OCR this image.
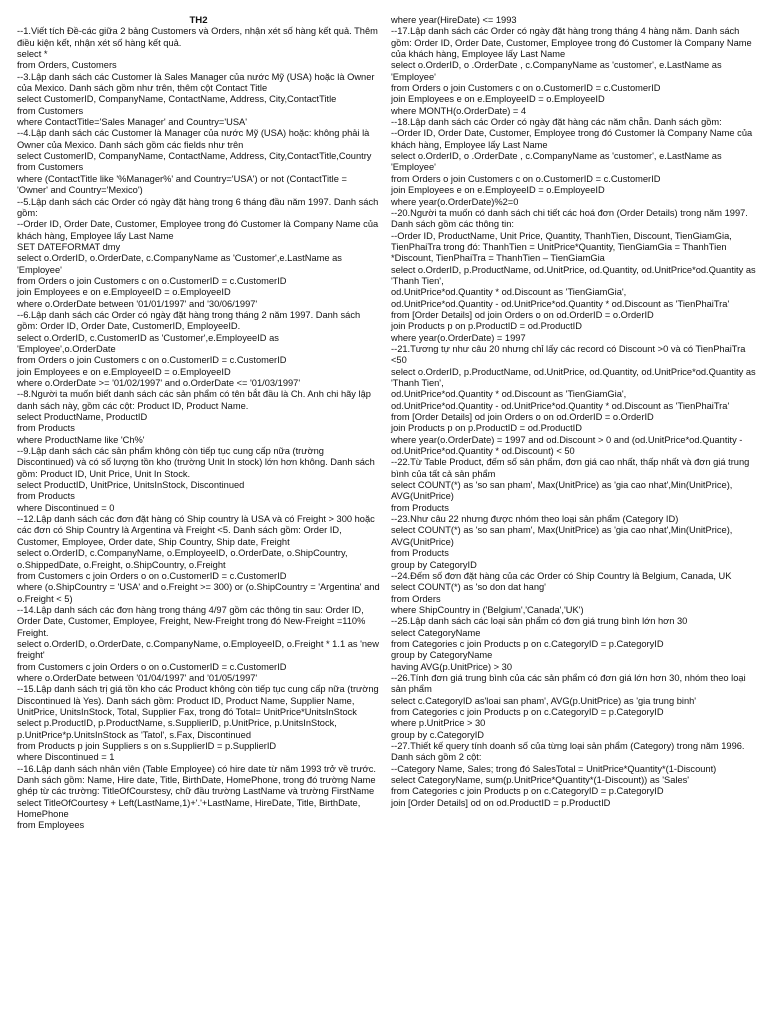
TH2

--1.Viết tích Đề-các giữa 2 bảng Customers và Orders, nhận xét số hàng kết quả. Thêm điều kiện kết, nhận xét số hàng kết quả.

select *

from Orders, Customers

--3.Lập danh sách các Customer là Sales Manager của nước Mỹ (USA) hoặc là Owner của Mexico. Danh sách gồm như trên, thêm cột Contact Title

select CustomerID, CompanyName, ContactName, Address, City,ContactTitle

from Customers

where ContactTitle='Sales Manager' and Country='USA'

--4.Lập danh sách các Customer là Manager của nước Mỹ (USA) hoặc: không phải là Owner của Mexico. Danh sách gồm các fields như trên

select CustomerID, CompanyName, ContactName, Address, City,ContactTitle,Country

from Customers

where (ContactTitle like '%Manager%' and Country='USA') or not (ContactTitle = 'Owner' and Country='Mexico')

--5.Lập danh sách các Order có ngày đặt hàng trong 6 tháng đầu năm 1997. Danh sách gồm:

--Order ID, Order Date, Customer, Employee trong đó Customer là Company Name của khách hàng, Employee lấy Last Name

SET DATEFORMAT dmy

select o.OrderID, o.OrderDate, c.CompanyName as 'Customer',e.LastName as 'Employee'

from Orders o join Customers c on o.CustomerID = c.CustomerID

join Employees e on e.EmployeeID = o.EmployeeID

where o.OrderDate between '01/01/1997' and '30/06/1997'

--6.Lập danh sách các Order có ngày đặt hàng trong tháng 2 năm 1997. Danh sách gồm: Order ID, Order Date, CustomerID, EmployeeID.

select o.OrderID, c.CustomerID as 'Customer',e.EmployeeID as 'Employee',o.OrderDate

from Orders o join Customers c on o.CustomerID = c.CustomerID

join Employees e on e.EmployeeID = o.EmployeeID

where o.OrderDate >= '01/02/1997' and o.OrderDate <= '01/03/1997'

--8.Người ta muốn biết danh sách các sản phẩm có tên bắt đầu là Ch. Anh chi hãy lập danh sách này, gồm các cột: Product ID, Product Name.

select ProductName, ProductID

from Products

where ProductName like 'Ch%'

--9.Lập danh sách các sản phẩm không còn tiếp tục cung cấp nữa (trường Discontinued) và có số lượng tồn kho (trường Unit In stock) lớn hơn không. Danh sách gồm: Product ID, Unit Price, Unit In Stock.

select ProductID, UnitPrice, UnitsInStock, Discontinued

from Products

where Discontinued = 0

--12.Lập danh sách các đơn đặt hàng có Ship country là USA và có Freight > 300 hoặc các đơn có Ship Country là Argentina và Freight <5. Danh sách gồm: Order ID, Customer, Employee, Order date, Ship Country, Ship date, Freight

select o.OrderID, c.CompanyName, o.EmployeeID, o.OrderDate, o.ShipCountry, o.ShippedDate, o.Freight, o.ShipCountry, o.Freight

from Customers c join Orders o on o.CustomerID = c.CustomerID

where (o.ShipCountry = 'USA' and o.Freight >= 300) or (o.ShipCountry = 'Argentina' and o.Freight < 5)

--14.Lập danh sách các đơn hàng trong tháng 4/97 gồm các thông tin sau: Order ID, Order Date, Customer, Employee, Freight, New-Freight trong đó New-Freight =110% Freight.

select o.OrderID, o.OrderDate, c.CompanyName, o.EmployeeID, o.Freight * 1.1 as 'new freight'

from Customers c join Orders o on o.CustomerID = c.CustomerID

where o.OrderDate between '01/04/1997' and '01/05/1997'

--15.Lập danh sách trị giá tồn kho các Product không còn tiếp tục cung cấp nữa (trường Discontinued là Yes). Danh sách gồm: Product ID, Product Name, Supplier Name, UnitPrice, UnitsInStock, Total, Supplier Fax, trong đó Total= UnitPrice*UnitsInStock

select p.ProductID, p.ProductName, s.SupplierID, p.UnitPrice, p.UnitsInStock, p.UnitPrice*p.UnitsInStock as 'Tatol', s.Fax, Discontinued

from Products p join Suppliers s on s.SupplierID = p.SupplierID

where Discontinued = 1

--16.Lập danh sách nhân viên (Table Employee) có hire date từ năm 1993 trở về trước. Danh sách gồm: Name, Hire date, Title, BirthDate, HomePhone, trong đó trường Name ghép từ các trường: TitleOfCourstesy, chữ đầu trường LastName và trường FirstName

select TitleOfCourtesy + Left(LastName,1)+'.'+LastName, HireDate, Title, BirthDate, HomePhone

from Employees

where year(HireDate) <= 1993

--17.Lập danh sách các Order có ngày đặt hàng trong tháng 4 hàng năm. Danh sách gồm: Order ID, Order Date, Customer, Employee trong đó Customer là Company Name của khách hàng, Employee lấy Last Name

select o.OrderID, o .OrderDate , c.CompanyName as 'customer', e.LastName as 'Employee'

from Orders o join Customers c on o.CustomerID = c.CustomerID

join Employees e on e.EmployeeID = o.EmployeeID

where MONTH(o.OrderDate) = 4

--18.Lập danh sách các Order có ngày đặt hàng các năm chẵn. Danh sách gồm:

--Order ID, Order Date, Customer, Employee trong đó Customer là Company Name của khách hàng, Employee lấy Last Name

select o.OrderID, o .OrderDate , c.CompanyName as 'customer', e.LastName as 'Employee'

from Orders o join Customers c on o.CustomerID = c.CustomerID

join Employees e on e.EmployeeID = o.EmployeeID

where year(o.OrderDate)%2=0

--20.Người ta muốn có danh sách chi tiết các hoá đơn (Order Details) trong năm 1997. Danh sách gồm các thông tin:

--Order ID, ProductName, Unit Price, Quantity, ThanhTien, Discount, TienGiamGia, TienPhaiTra trong đó: ThanhTien = UnitPrice*Quantity, TienGiamGia = ThanhTien *Discount, TienPhaiTra = ThanhTien – TienGiamGia

select o.OrderID, p.ProductName, od.UnitPrice, od.Quantity, od.UnitPrice*od.Quantity as 'Thanh Tien',

od.UnitPrice*od.Quantity * od.Discount as 'TienGiamGia',

od.UnitPrice*od.Quantity - od.UnitPrice*od.Quantity * od.Discount as 'TienPhaiTra'

from [Order Details] od join Orders o on od.OrderID = o.OrderID

join Products p on p.ProductID = od.ProductID

where year(o.OrderDate) = 1997

--21.Tương tự như câu 20 nhưng chỉ lấy các record có Discount >0 và có TienPhaiTra <50

select o.OrderID, p.ProductName, od.UnitPrice, od.Quantity, od.UnitPrice*od.Quantity as 'Thanh Tien',

od.UnitPrice*od.Quantity * od.Discount as 'TienGiamGia',

od.UnitPrice*od.Quantity - od.UnitPrice*od.Quantity * od.Discount as 'TienPhaiTra'

from [Order Details] od join Orders o on od.OrderID = o.OrderID

join Products p on p.ProductID = od.ProductID

where year(o.OrderDate) = 1997 and od.Discount > 0 and (od.UnitPrice*od.Quantity - od.UnitPrice*od.Quantity * od.Discount) < 50

--22.Từ Table Product, đếm số sản phẩm, đơn giá cao nhất, thấp nhất và đơn giá trung bình của tất cả sản phẩm

select COUNT(*) as 'so san pham', Max(UnitPrice) as 'gia cao nhat',Min(UnitPrice), AVG(UnitPrice)

from Products

--23.Như câu 22 nhưng được nhóm theo loại sản phẩm (Category ID)

select COUNT(*) as 'so san pham', Max(UnitPrice) as 'gia cao nhat',Min(UnitPrice), AVG(UnitPrice)

from Products

group by CategoryID

--24.Đếm số đơn đặt hàng của các Order có Ship Country là Belgium, Canada, UK

select COUNT(*) as 'so don dat hang'

from Orders

where ShipCountry in ('Belgium','Canada','UK')

--25.Lập danh sách các loại sản phẩm có đơn giá trung bình lớn hơn 30

select CategoryName

from Categories c join Products p on c.CategoryID = p.CategoryID

group by CategoryName

having AVG(p.UnitPrice) > 30

--26.Tính đơn giá trung bình của các sản phẩm có đơn giá lớn hơn 30, nhóm theo loại sản phẩm

select c.CategoryID as'loai san pham', AVG(p.UnitPrice) as 'gia trung binh'

from Categories c join Products p on c.CategoryID = p.CategoryID

where p.UnitPrice > 30

group by c.CategoryID

--27.Thiết kế query tính doanh số của từng loại sản phẩm (Category) trong năm 1996. Danh sách gồm 2 cột:

--Category Name, Sales; trong đó SalesTotal = UnitPrice*Quantity*(1-Discount)

select CategoryName, sum(p.UnitPrice*Quantity*(1-Discount)) as 'Sales'

from Categories c join Products p on c.CategoryID = p.CategoryID

join [Order Details] od on od.ProductID = p.ProductID
